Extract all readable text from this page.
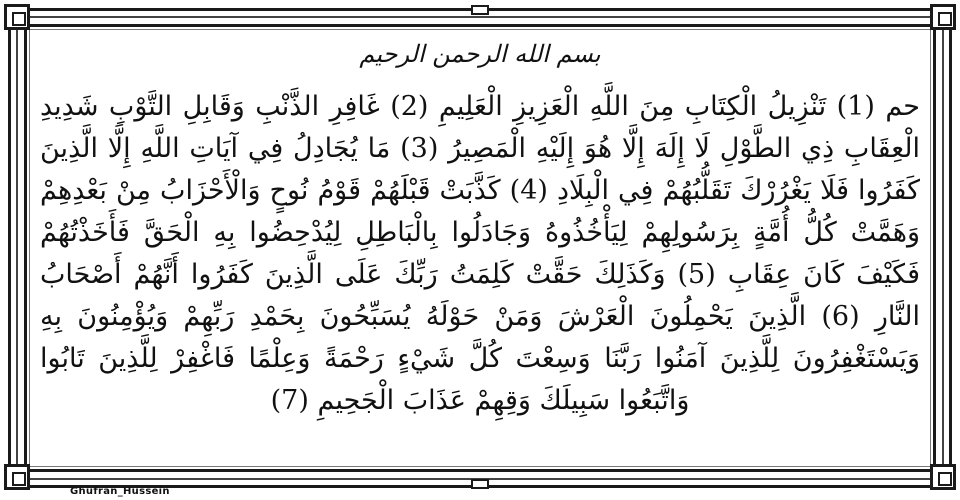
بسم الله الرحمن الرحيم
حم (1) تَنْزِيلُ الْكِتَابِ مِنَ اللَّهِ الْعَزِيزِ الْعَلِيمِ (2) غَافِرِ الذَّنْبِ وَقَابِلِ التَّوْبِ شَدِيدِ الْعِقَابِ ذِي الطَّوْلِ لَا إِلَهَ إِلَّا هُوَ إِلَيْهِ الْمَصِيرُ (3) مَا يُجَادِلُ فِي آيَاتِ اللَّهِ إِلَّا الَّذِينَ كَفَرُوا فَلَا يَغْرُرْكَ تَقَلُّبُهُمْ فِي الْبِلَادِ (4) كَذَّبَتْ قَبْلَهُمْ قَوْمُ نُوحٍ وَالْأَحْزَابُ مِنْ بَعْدِهِمْ وَهَمَّتْ كُلُّ أُمَّةٍ بِرَسُولِهِمْ لِيَأْخُذُوهُ وَجَادَلُوا بِالْبَاطِلِ لِيُدْحِضُوا بِهِ الْحَقَّ فَأَخَذْتُهُمْ فَكَيْفَ كَانَ عِقَابِ (5) وَكَذَلِكَ حَقَّتْ كَلِمَتُ رَبِّكَ عَلَى الَّذِينَ كَفَرُوا أَنَّهُمْ أَصْحَابُ النَّارِ (6) الَّذِينَ يَحْمِلُونَ الْعَرْشَ وَمَنْ حَوْلَهُ يُسَبِّحُونَ بِحَمْدِ رَبِّهِمْ وَيُؤْمِنُونَ بِهِ وَيَسْتَغْفِرُونَ لِلَّذِينَ آمَنُوا رَبَّنَا وَسِعْتَ كُلَّ شَيْءٍ رَحْمَةً وَعِلْمًا فَاغْفِرْ لِلَّذِينَ تَابُوا وَاتَّبَعُوا سَبِيلَكَ وَقِهِمْ عَذَابَ الْجَحِيمِ (7)
Ghufran_Hussein
